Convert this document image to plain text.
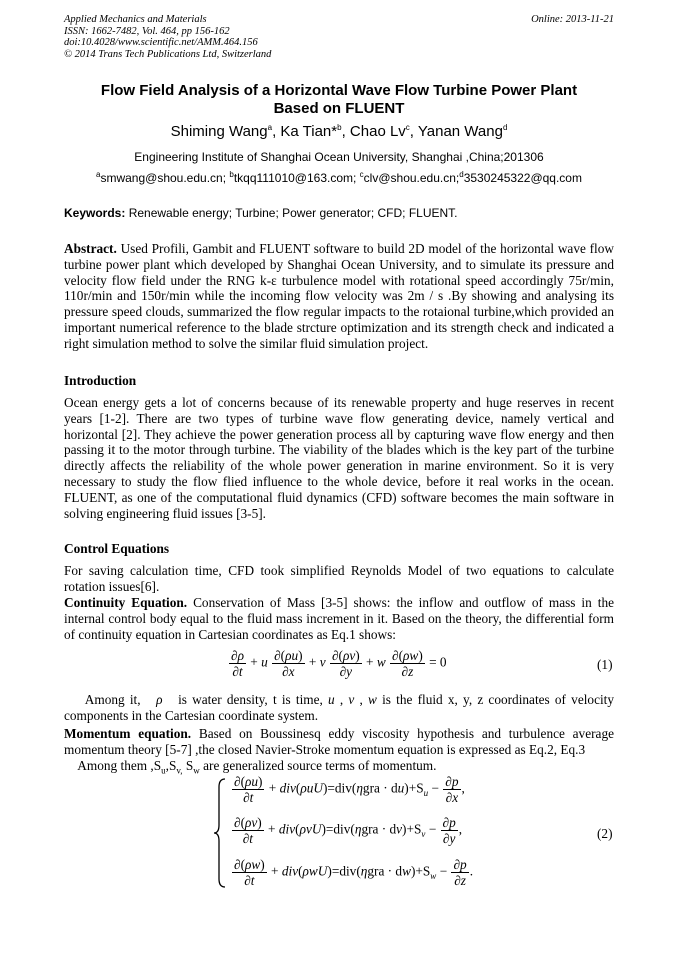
Applied Mechanics and Materials
ISSN: 1662-7482, Vol. 464, pp 156-162
doi:10.4028/www.scientific.net/AMM.464.156
© 2014 Trans Tech Publications Ltd, Switzerland
Online: 2013-11-21
Flow Field Analysis of a Horizontal Wave Flow Turbine Power Plant
Based on FLUENT
Shiming Wang$^a$, Ka Tian*$^b$, Chao Lv$^c$, Yanan Wang$^d$
Engineering Institute of Shanghai Ocean University, Shanghai ,China;201306
$^a$smwang@shou.edu.cn; $^b$tkqq111010@163.com; $^c$clv@shou.edu.cn;$^d$3530245322@qq.com
Keywords: Renewable energy; Turbine; Power generator; CFD; FLUENT.
Abstract. Used Profili, Gambit and FLUENT software to build 2D model of the horizontal wave flow turbine power plant which developed by Shanghai Ocean University, and to simulate its pressure and velocity flow field under the RNG k-ε turbulence model with rotational speed accordingly 75r/min, 110r/min and 150r/min while the incoming flow velocity was 2m / s .By showing and analysing its pressure speed clouds, summarized the flow regular impacts to the rotaional turbine,which provided an important numerical reference to the blade strcture optimization and its strength check and indicated a right simulation method to solve the similar fluid simulation project.
Introduction
Ocean energy gets a lot of concerns because of its renewable property and huge reserves in recent years [1-2]. There are two types of turbine wave flow generating device, namely vertical and horizontal [2]. They achieve the power generation process all by capturing wave flow energy and then passing it to the motor through turbine. The viability of the blades which is the key part of the turbine directly affects the reliability of the whole power generation in marine environment. So it is very necessary to study the flow flied influence to the whole device, before it real works in the ocean. FLUENT, as one of the computational fluid dynamics (CFD) software becomes the main software in solving engineering fluid issues [3-5].
Control Equations
For saving calculation time, CFD took simplified Reynolds Model of two equations to calculate rotation issues[6].
Continuity Equation. Conservation of Mass [3-5] shows: the inflow and outflow of mass in the internal control body equal to the fluid mass increment in it. Based on the theory, the differential form of continuity equation in Cartesian coordinates as Eq.1 shows:
$\frac{\partial\rho}{\partial t} + u \frac{\partial(\rho u)}{\partial x} + v \frac{\partial(\rho v)}{\partial y} + w \frac{\partial(\rho w)}{\partial z} = 0$	(1)
Among it,   ρ   is water density, t is time, u , v , w is the fluid x, y, z coordinates of velocity components in the Cartesian coordinate system.
Momentum equation. Based on Boussinesq eddy viscosity hypothesis and turbulence average momentum theory [5-7] ,the closed Navier-Stroke momentum equation is expressed as Eq.2, Eq.3
Among them $,S_u,S_{v,}$ $S_w$ are generalized source terms of momentum.
$\frac{\partial(\rho u)}{\partial t} + div(\rho uU)=div(\eta gra \cdot du)+S_u - \frac{\partial p}{\partial x}$ ,
$\frac{\partial(\rho v)}{\partial t} + div(\rho vU)=div(\eta gra \cdot dv)+S_v - \frac{\partial p}{\partial y}$ ,
$\frac{\partial(\rho w)}{\partial t} + div(\rho wU)=div(\eta gra \cdot dw)+S_w - \frac{\partial p}{\partial z}$ .
(2)
